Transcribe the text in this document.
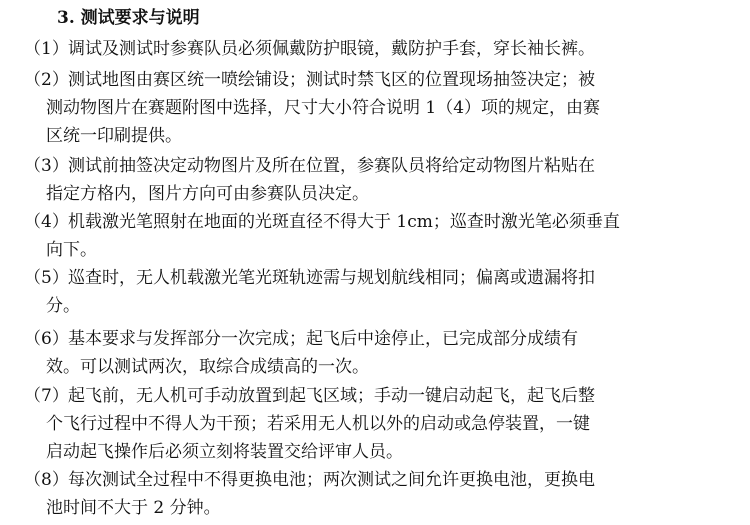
3. 测试要求与说明
（1）调试及测试时参赛队员必须佩戴防护眼镜，戴防护手套，穿长袖长裤。
（2）测试地图由赛区统一喷绘铺设；测试时禁飞区的位置现场抽签决定；被
测动物图片在赛题附图中选择，尺寸大小符合说明 1（4）项的规定，由赛
区统一印刷提供。
（3）测试前抽签决定动物图片及所在位置，参赛队员将给定动物图片粘贴在
指定方格内，图片方向可由参赛队员决定。
（4）机载激光笔照射在地面的光斑直径不得大于 1cm；巡查时激光笔必须垂直
向下。
（5）巡查时，无人机载激光笔光斑轨迹需与规划航线相同；偏离或遗漏将扣
分。
（6）基本要求与发挥部分一次完成；起飞后中途停止，已完成部分成绩有
效。可以测试两次，取综合成绩高的一次。
（7）起飞前，无人机可手动放置到起飞区域；手动一键启动起飞，起飞后整
个飞行过程中不得人为干预；若采用无人机以外的启动或急停装置，一键
启动起飞操作后必须立刻将装置交给评审人员。
（8）每次测试全过程中不得更换电池；两次测试之间允许更换电池，更换电
池时间不大于 2 分钟。
